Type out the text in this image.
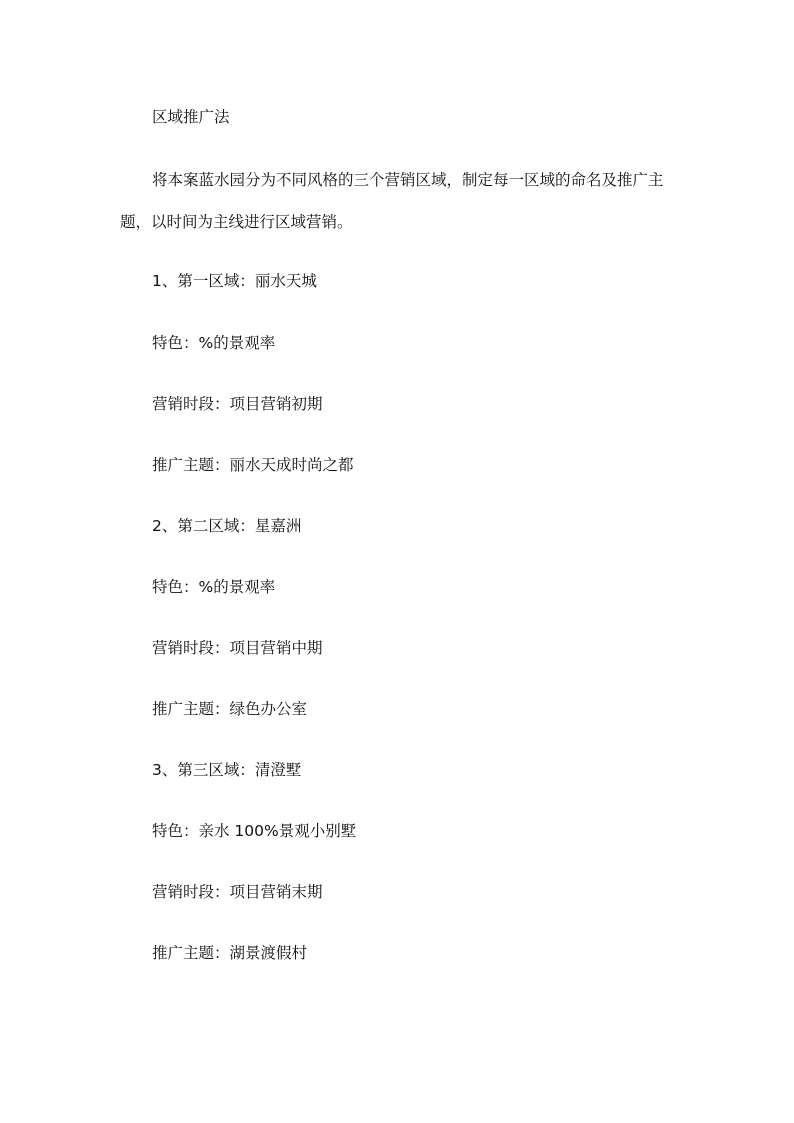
区域推广法
将本案蓝水园分为不同风格的三个营销区域，制定每一区域的命名及推广主题，以时间为主线进行区域营销。
1、第一区域：丽水天城
特色：%的景观率
营销时段：项目营销初期
推广主题：丽水天成时尚之都
2、第二区域：星嘉洲
特色：%的景观率
营销时段：项目营销中期
推广主题：绿色办公室
3、第三区域：清澄墅
特色：亲水 100%景观小别墅
营销时段：项目营销末期
推广主题：湖景渡假村
